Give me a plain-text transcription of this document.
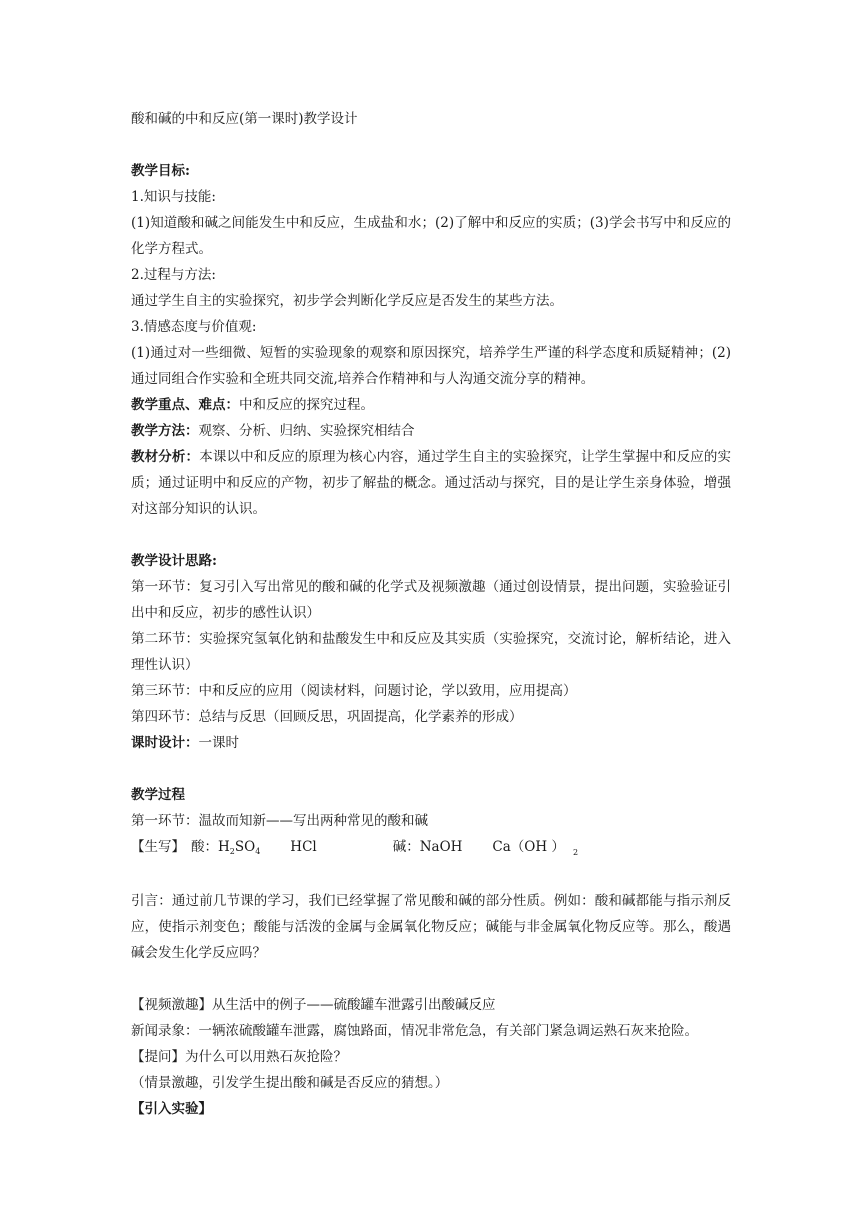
酸和碱的中和反应(第一课时)教学设计

教学目标:

1.知识与技能:

(1)知道酸和碱之间能发生中和反应，生成盐和水；(2)了解中和反应的实质；(3)学会书写中和反应的化学方程式。

2.过程与方法:

通过学生自主的实验探究，初步学会判断化学反应是否发生的某些方法。

3.情感态度与价值观:

(1)通过对一些细微、短暂的实验现象的观察和原因探究，培养学生严谨的科学态度和质疑精神；(2)通过同组合作实验和全班共同交流,培养合作精神和与人沟通交流分享的精神。

教学重点、难点：中和反应的探究过程。

教学方法：观察、分析、归纳、实验探究相结合

教材分析：本课以中和反应的原理为核心内容，通过学生自主的实验探究，让学生掌握中和反应的实质；通过证明中和反应的产物，初步了解盐的概念。通过活动与探究，目的是让学生亲身体验，增强对这部分知识的认识。

教学设计思路:

第一环节：复习引入写出常见的酸和碱的化学式及视频激趣（通过创设情景，提出问题，实验验证引出中和反应，初步的感性认识）

第二环节：实验探究氢氧化钠和盐酸发生中和反应及其实质（实验探究，交流讨论，解析结论，进入理性认识）

第三环节：中和反应的应用（阅读材料，问题讨论，学以致用，应用提高）

第四环节：总结与反思（回顾反思，巩固提高，化学素养的形成）

课时设计：一课时

教学过程

第一环节：温故而知新——写出两种常见的酸和碱

【生写】 酸：$H_2SO_4$ HCl	碱：NaOH Ca（OH ） 2

引言：通过前几节课的学习，我们已经掌握了常见酸和碱的部分性质。例如：酸和碱都能与指示剂反应，使指示剂变色；酸能与活泼的金属与金属氧化物反应；碱能与非金属氧化物反应等。那么，酸遇碱会发生化学反应吗？

【视频激趣】从生活中的例子——硫酸罐车泄露引出酸碱反应

新闻录象：一辆浓硫酸罐车泄露，腐蚀路面，情况非常危急，有关部门紧急调运熟石灰来抢险。

【提问】为什么可以用熟石灰抢险？

（情景激趣，引发学生提出酸和碱是否反应的猜想。）

【引入实验】
